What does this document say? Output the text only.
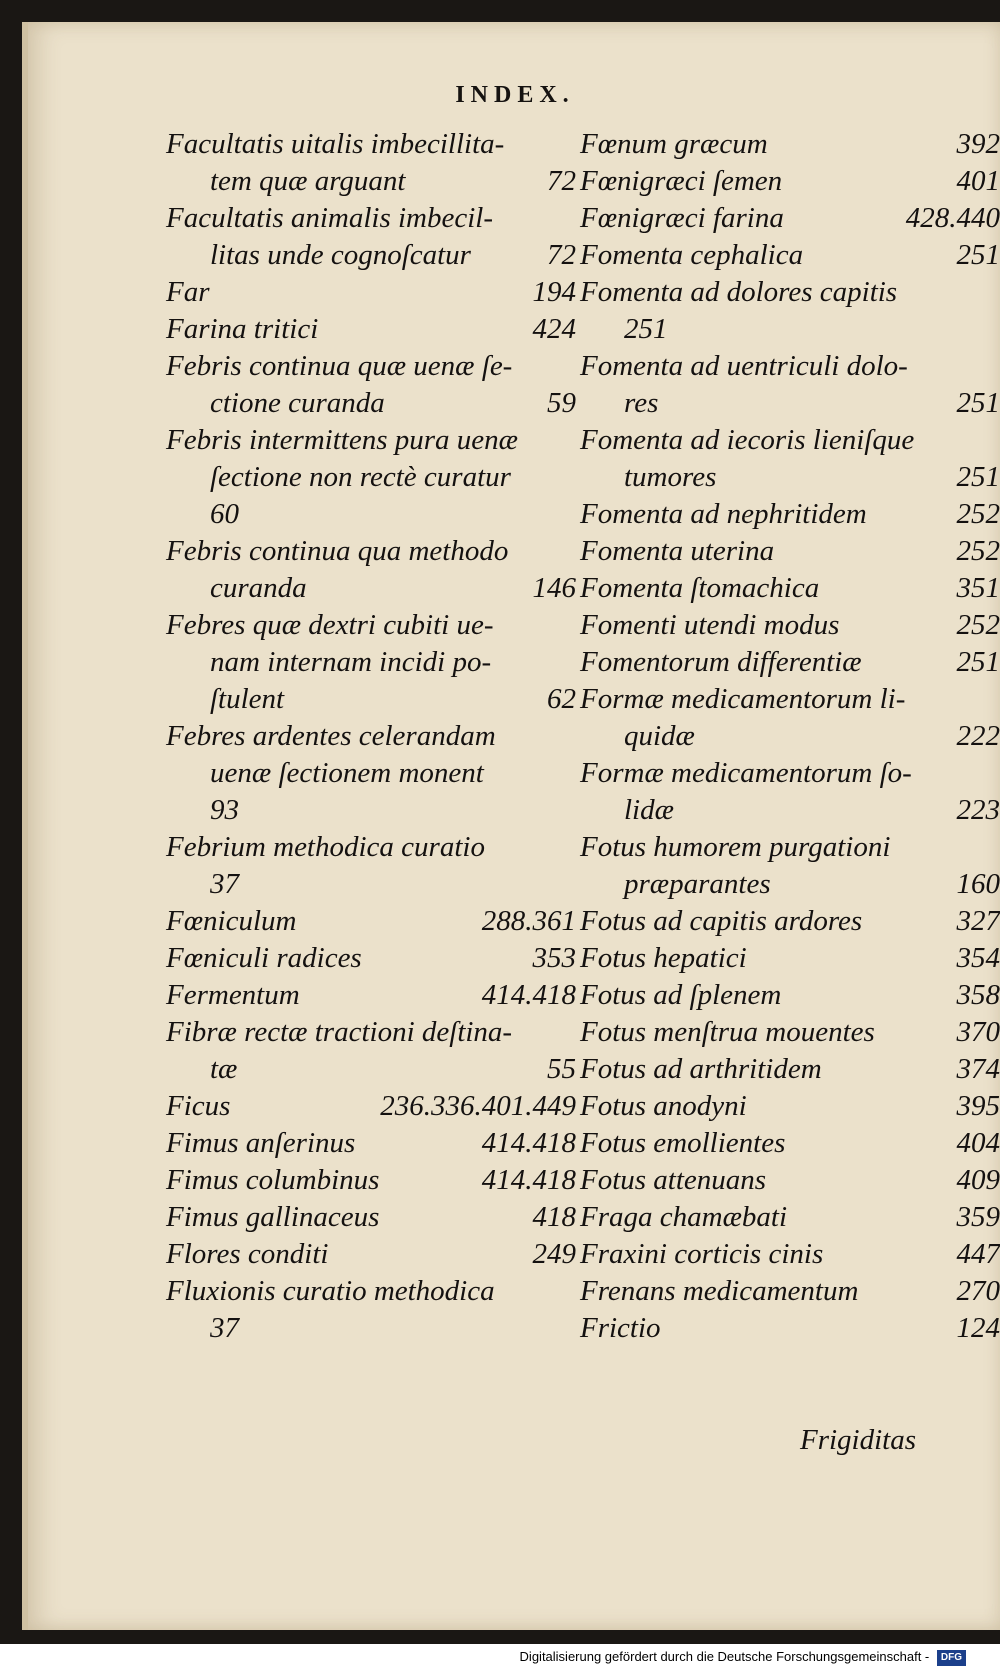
INDEX.
Facultatis uitalis imbecillita-
72
tem quæ arguant
Facultatis animalis imbecil-
72
litas unde cognoſcatur
194
Far
424
Farina tritici
Febris continua quæ uenæ ſe-
59
ctione curanda
Febris intermittens pura uenæ
ſectione non rectè curatur
60
Febris continua qua methodo
146
curanda
Febres quæ dextri cubiti ue-
nam internam incidi po-
62
ſtulent
Febres ardentes celerandam
uenæ ſectionem monent
93
Febrium methodica curatio
37
288.361
Fœniculum
353
Fœniculi radices
414.418
Fermentum
Fibræ rectæ tractioni deſtina-
55
tæ
236.336.401.449
Ficus
414.418
Fimus anſerinus
414.418
Fimus columbinus
418
Fimus gallinaceus
249
Flores conditi
Fluxionis curatio methodica
37
392
Fœnum græcum
401
Fœnigræci ſemen
428.440
Fœnigræci farina
251
Fomenta cephalica
Fomenta ad dolores capitis
251
Fomenta ad uentriculi dolo-
251
res
Fomenta ad iecoris lieniſque
251
tumores
252
Fomenta ad nephritidem
252
Fomenta uterina
351
Fomenta ſtomachica
252
Fomenti utendi modus
251
Fomentorum differentiæ
Formæ medicamentorum li-
222
quidæ
Formæ medicamentorum ſo-
223
lidæ
Fotus humorem purgationi
160
præparantes
327
Fotus ad capitis ardores
354
Fotus hepatici
358
Fotus ad ſplenem
370
Fotus menſtrua mouentes
374
Fotus ad arthritidem
395
Fotus anodyni
404
Fotus emollientes
409
Fotus attenuans
359
Fraga chamæbati
447
Fraxini corticis cinis
270
Frenans medicamentum
124
Frictio
Frigiditas
Digitalisierung gefördert durch die Deutsche Forschungsgemeinschaft - DFG
